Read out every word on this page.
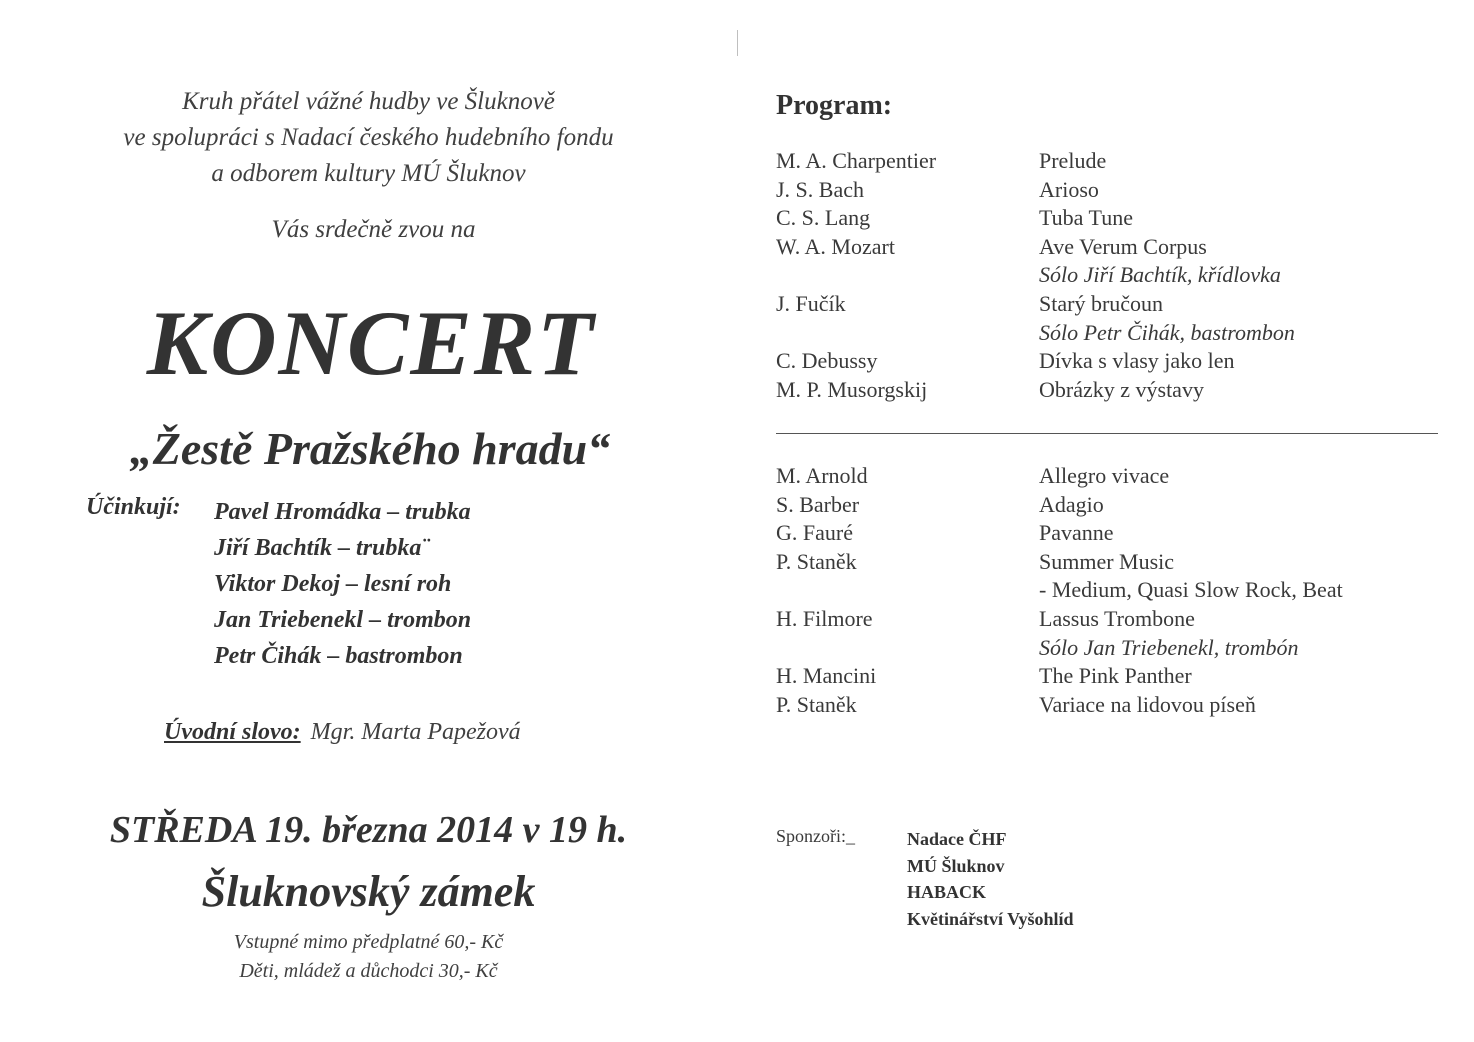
Kruh přátel vážné hudby ve Šluknově
ve spolupráci s Nadací českého hudebního fondu
a odborem kultury MÚ Šluknov
Vás srdečně zvou na
KONCERT
„Žestě Pražského hradu“
Účinkují: Pavel Hromádka – trubka
Jiří Bachtík – trubka¨
Viktor Dekoj – lesní roh
Jan Triebenekl – trombon
Petr Čihák – bastrombon
Úvodní slovo: Mgr. Marta Papežová
STŘEDA 19. března 2014 v 19 h.
Šluknovský zámek
Vstupné mimo předplatné 60,- Kč
Děti, mládež a důchodci 30,- Kč
Program:
M. A. Charpentier	Prelude
J. S. Bach	Arioso
C. S. Lang	Tuba Tune
W. A. Mozart	Ave Verum Corpus
Sólo Jiří Bachtík, křídlovka
J. Fučík	Starý bručoun
Sólo Petr Čihák, bastrombon
C. Debussy	Dívka s vlasy jako len
M. P. Musorgskij	Obrázky z výstavy
M. Arnold	Allegro vivace
S. Barber	Adagio
G. Fauré	Pavanne
P. Staněk	Summer Music
- Medium, Quasi Slow Rock, Beat
H. Filmore	Lassus Trombone
Sólo Jan Triebenekl, trombón
H. Mancini	The Pink Panther
P. Staněk	Variace na lidovou píseň
Sponzoři:_	Nadace ČHF
MÚ Šluknov
HABACK
Květinářství Vyšohlíd
